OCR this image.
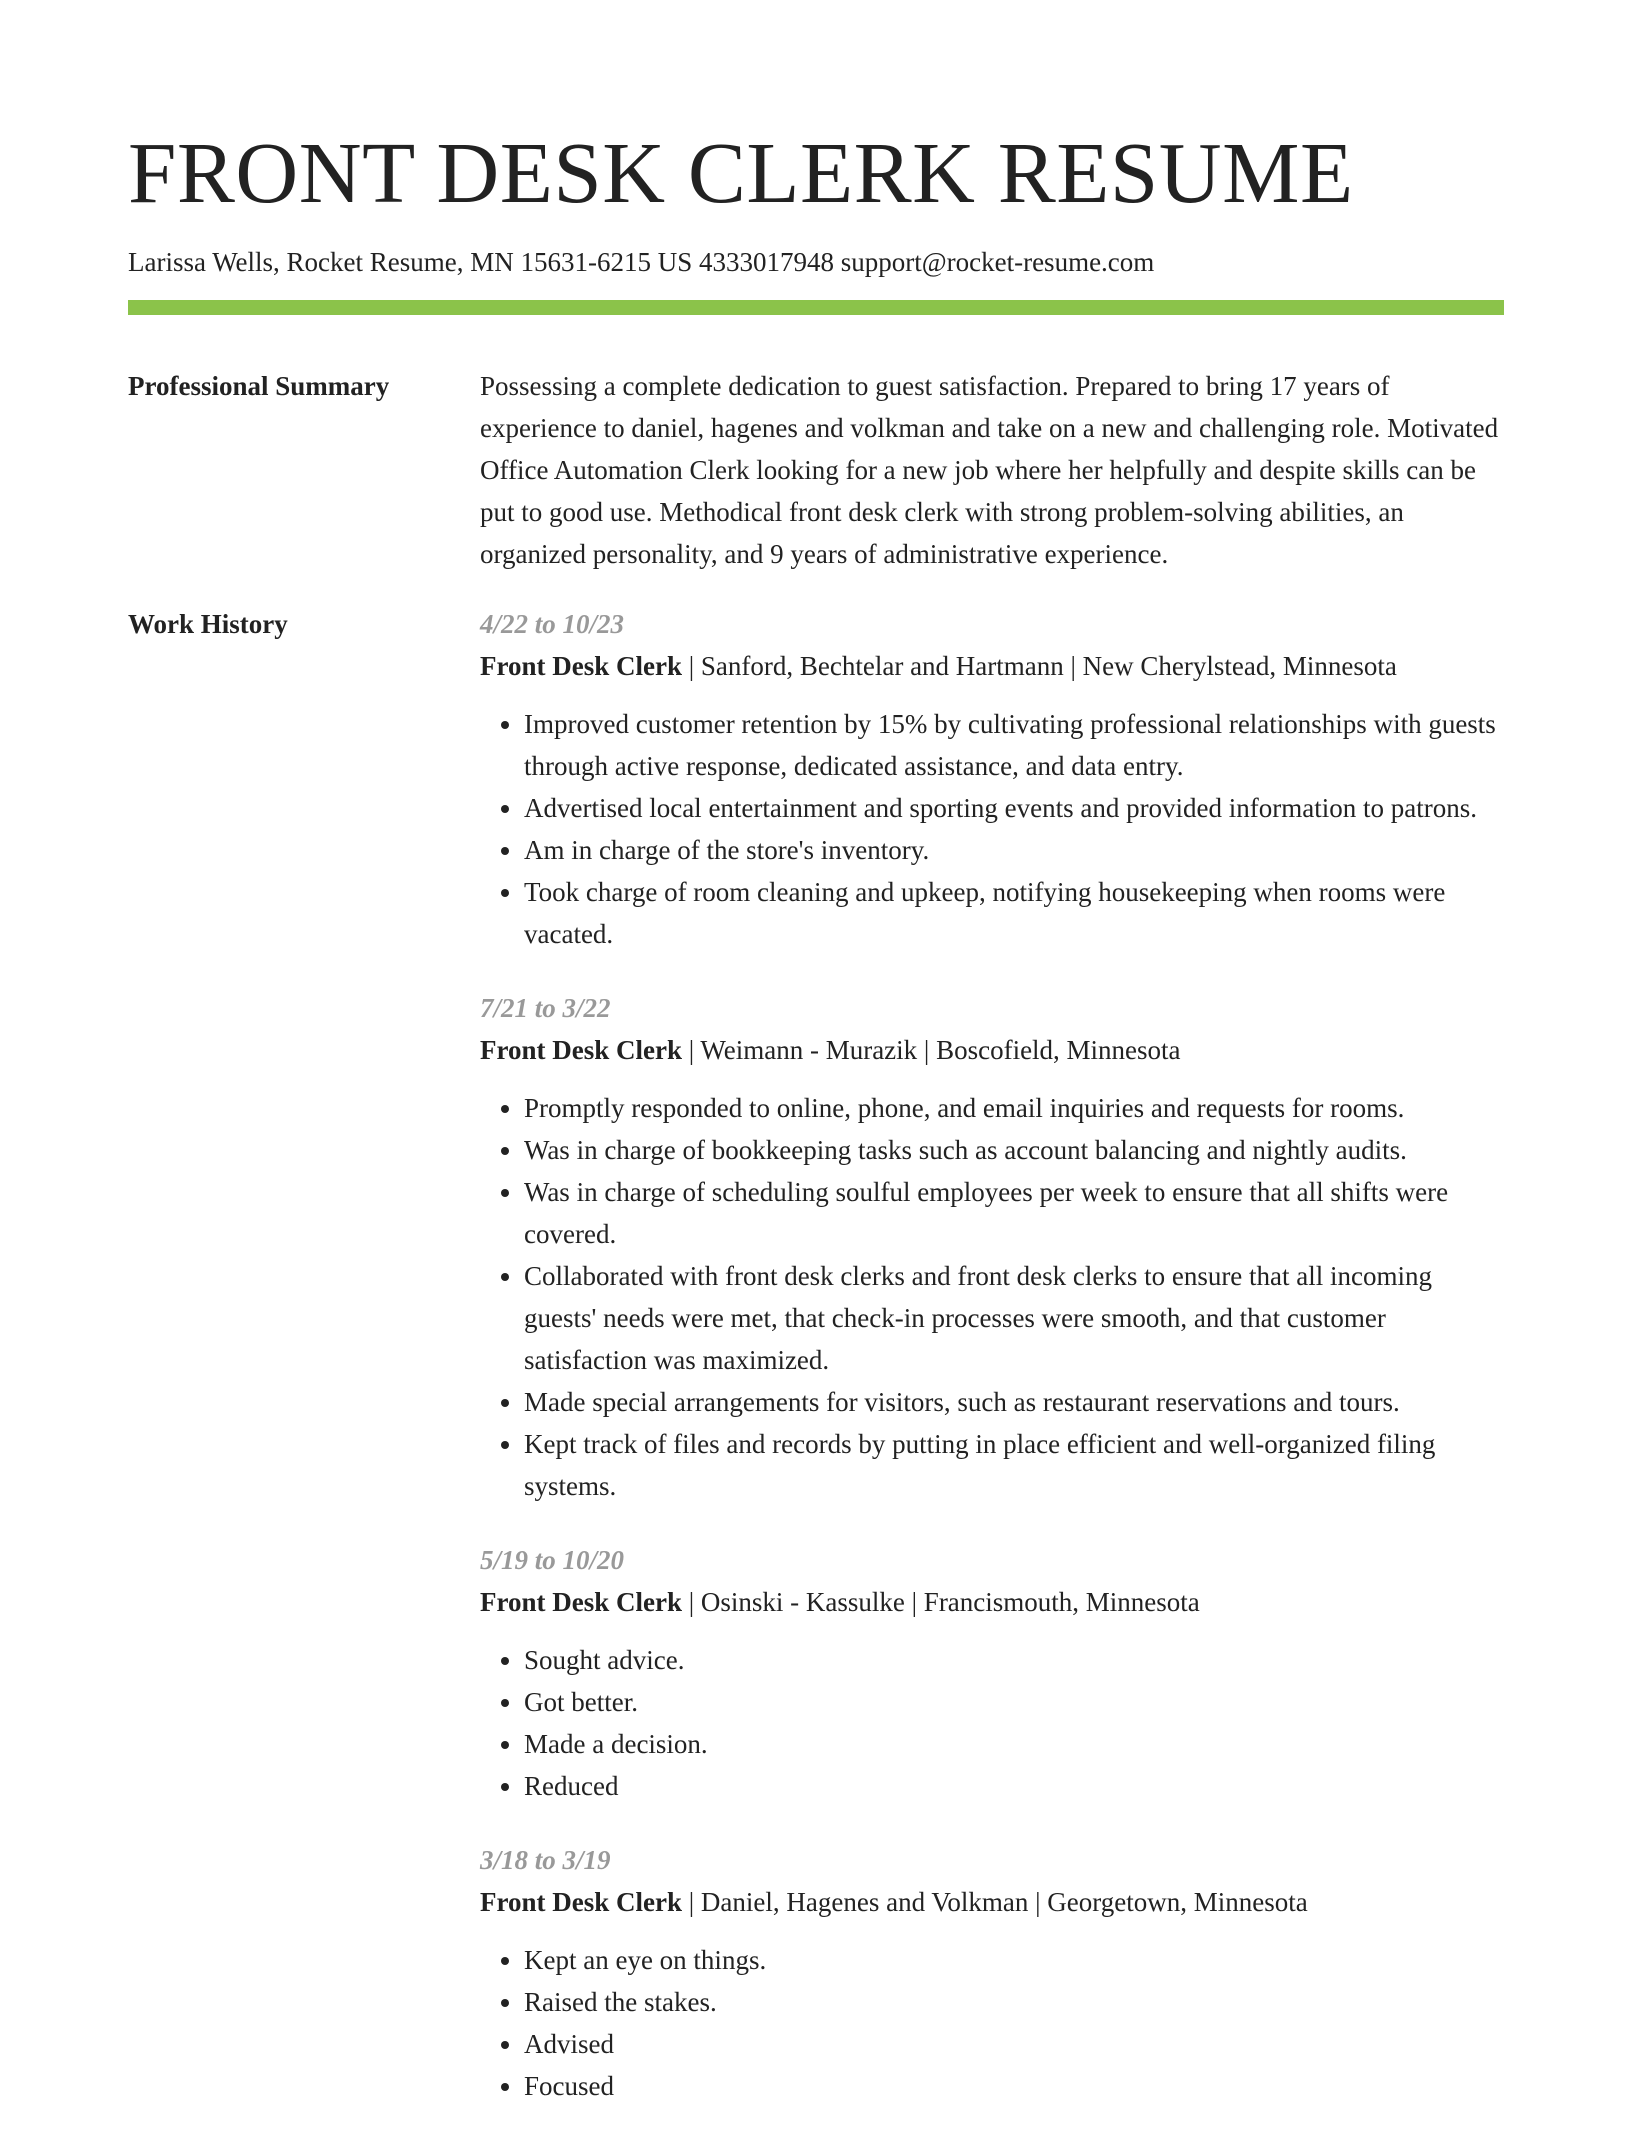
FRONT DESK CLERK RESUME
Larissa Wells, Rocket Resume, MN 15631-6215 US 4333017948 support@rocket-resume.com
Professional Summary	Possessing a complete dedication to guest satisfaction. Prepared to bring 17 years of experience to daniel, hagenes and volkman and take on a new and challenging role. Motivated Office Automation Clerk looking for a new job where her helpfully and despite skills can be put to good use. Methodical front desk clerk with strong problem-solving abilities, an organized personality, and 9 years of administrative experience.
Work History	4/22 to 10/23
Front Desk Clerk | Sanford, Bechtelar and Hartmann | New Cherylstead, Minnesota
• Improved customer retention by 15% by cultivating professional relationships with guests through active response, dedicated assistance, and data entry.
• Advertised local entertainment and sporting events and provided information to patrons.
• Am in charge of the store's inventory.
• Took charge of room cleaning and upkeep, notifying housekeeping when rooms were vacated.
7/21 to 3/22
Front Desk Clerk | Weimann - Murazik | Boscofield, Minnesota
• Promptly responded to online, phone, and email inquiries and requests for rooms.
• Was in charge of bookkeeping tasks such as account balancing and nightly audits.
• Was in charge of scheduling soulful employees per week to ensure that all shifts were covered.
• Collaborated with front desk clerks and front desk clerks to ensure that all incoming guests' needs were met, that check-in processes were smooth, and that customer satisfaction was maximized.
• Made special arrangements for visitors, such as restaurant reservations and tours.
• Kept track of files and records by putting in place efficient and well-organized filing systems.
5/19 to 10/20
Front Desk Clerk | Osinski - Kassulke | Francismouth, Minnesota
• Sought advice.
• Got better.
• Made a decision.
• Reduced
3/18 to 3/19
Front Desk Clerk | Daniel, Hagenes and Volkman | Georgetown, Minnesota
• Kept an eye on things.
• Raised the stakes.
• Advised
• Focused
